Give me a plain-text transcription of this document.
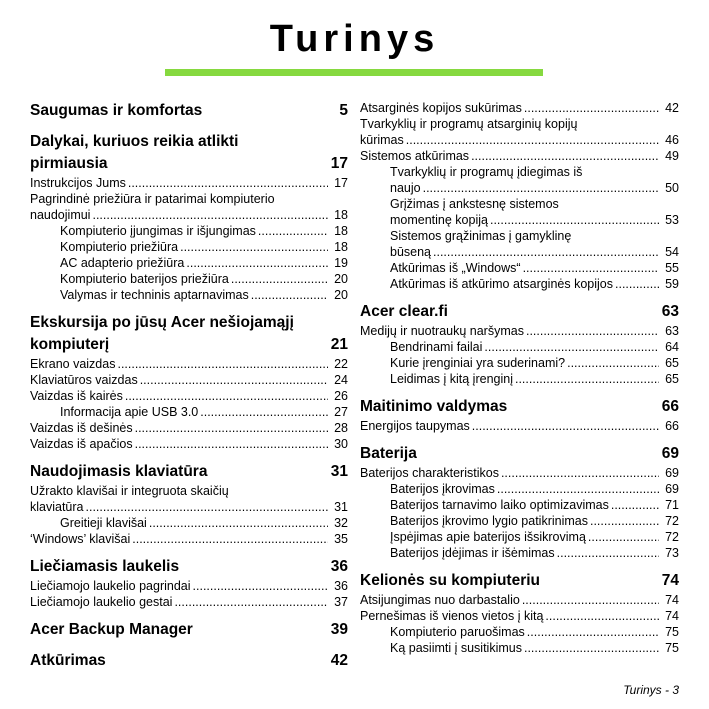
Turinys
Saugumas ir komfortas	5
Dalykai, kuriuos reikia atlikti
pirmiausia	17
Instrukcijos Jums .....	17
Pagrindinė priežiūra ir patarimai kompiuterio
naudojimui .....	18
Kompiuterio įjungimas ir išjungimas .....	18
Kompiuterio priežiūra .....	18
AC adapterio priežiūra .....	19
Kompiuterio baterijos priežiūra .....	20
Valymas ir techninis aptarnavimas .....	20
Ekskursija po jūsų Acer nešiojamąjį
kompiuterį	21
Ekrano vaizdas .....	22
Klaviatūros vaizdas .....	24
Vaizdas iš kairės .....	26
Informacija apie USB 3.0 .....	27
Vaizdas iš dešinės .....	28
Vaizdas iš apačios .....	30
Naudojimasis klaviatūra	31
Užrakto klavišai ir integruota skaičių
klaviatūra .....	31
Greitieji klavišai .....	32
‘Windows’ klavišai .....	35
Liečiamasis laukelis	36
Liečiamojo laukelio pagrindai .....	36
Liečiamojo laukelio gestai .....	37
Acer Backup Manager	39
Atkūrimas	42
Atsarginės kopijos sukūrimas .....	42
Tvarkyklių ir programų atsarginių kopijų
kūrimas .....	46
Sistemos atkūrimas .....	49
Tvarkyklių ir programų įdiegimas iš
naujo .....	50
Grįžimas į ankstesnę sistemos
momentinę kopiją .....	53
Sistemos grąžinimas į gamyklinę
būseną .....	54
Atkūrimas iš „Windows“ .....	55
Atkūrimas iš atkūrimo atsarginės kopijos .....	59
Acer clear.fi	63
Medijų ir nuotraukų naršymas .....	63
Bendrinami failai .....	64
Kurie įrenginiai yra suderinami? .....	65
Leidimas į kitą įrenginį .....	65
Maitinimo valdymas	66
Energijos taupymas .....	66
Baterija	69
Baterijos charakteristikos .....	69
Baterijos įkrovimas .....	69
Baterijos tarnavimo laiko optimizavimas .....	71
Baterijos įkrovimo lygio patikrinimas .....	72
Įspėjimas apie baterijos išsikrovimą .....	72
Baterijos įdėjimas ir išėmimas .....	73
Kelionės su kompiuteriu	74
Atsijungimas nuo darbastalio .....	74
Pernešimas iš vienos vietos į kitą .....	74
Kompiuterio paruošimas .....	75
Ką pasiimti į susitikimus .....	75
Turinys - 3
